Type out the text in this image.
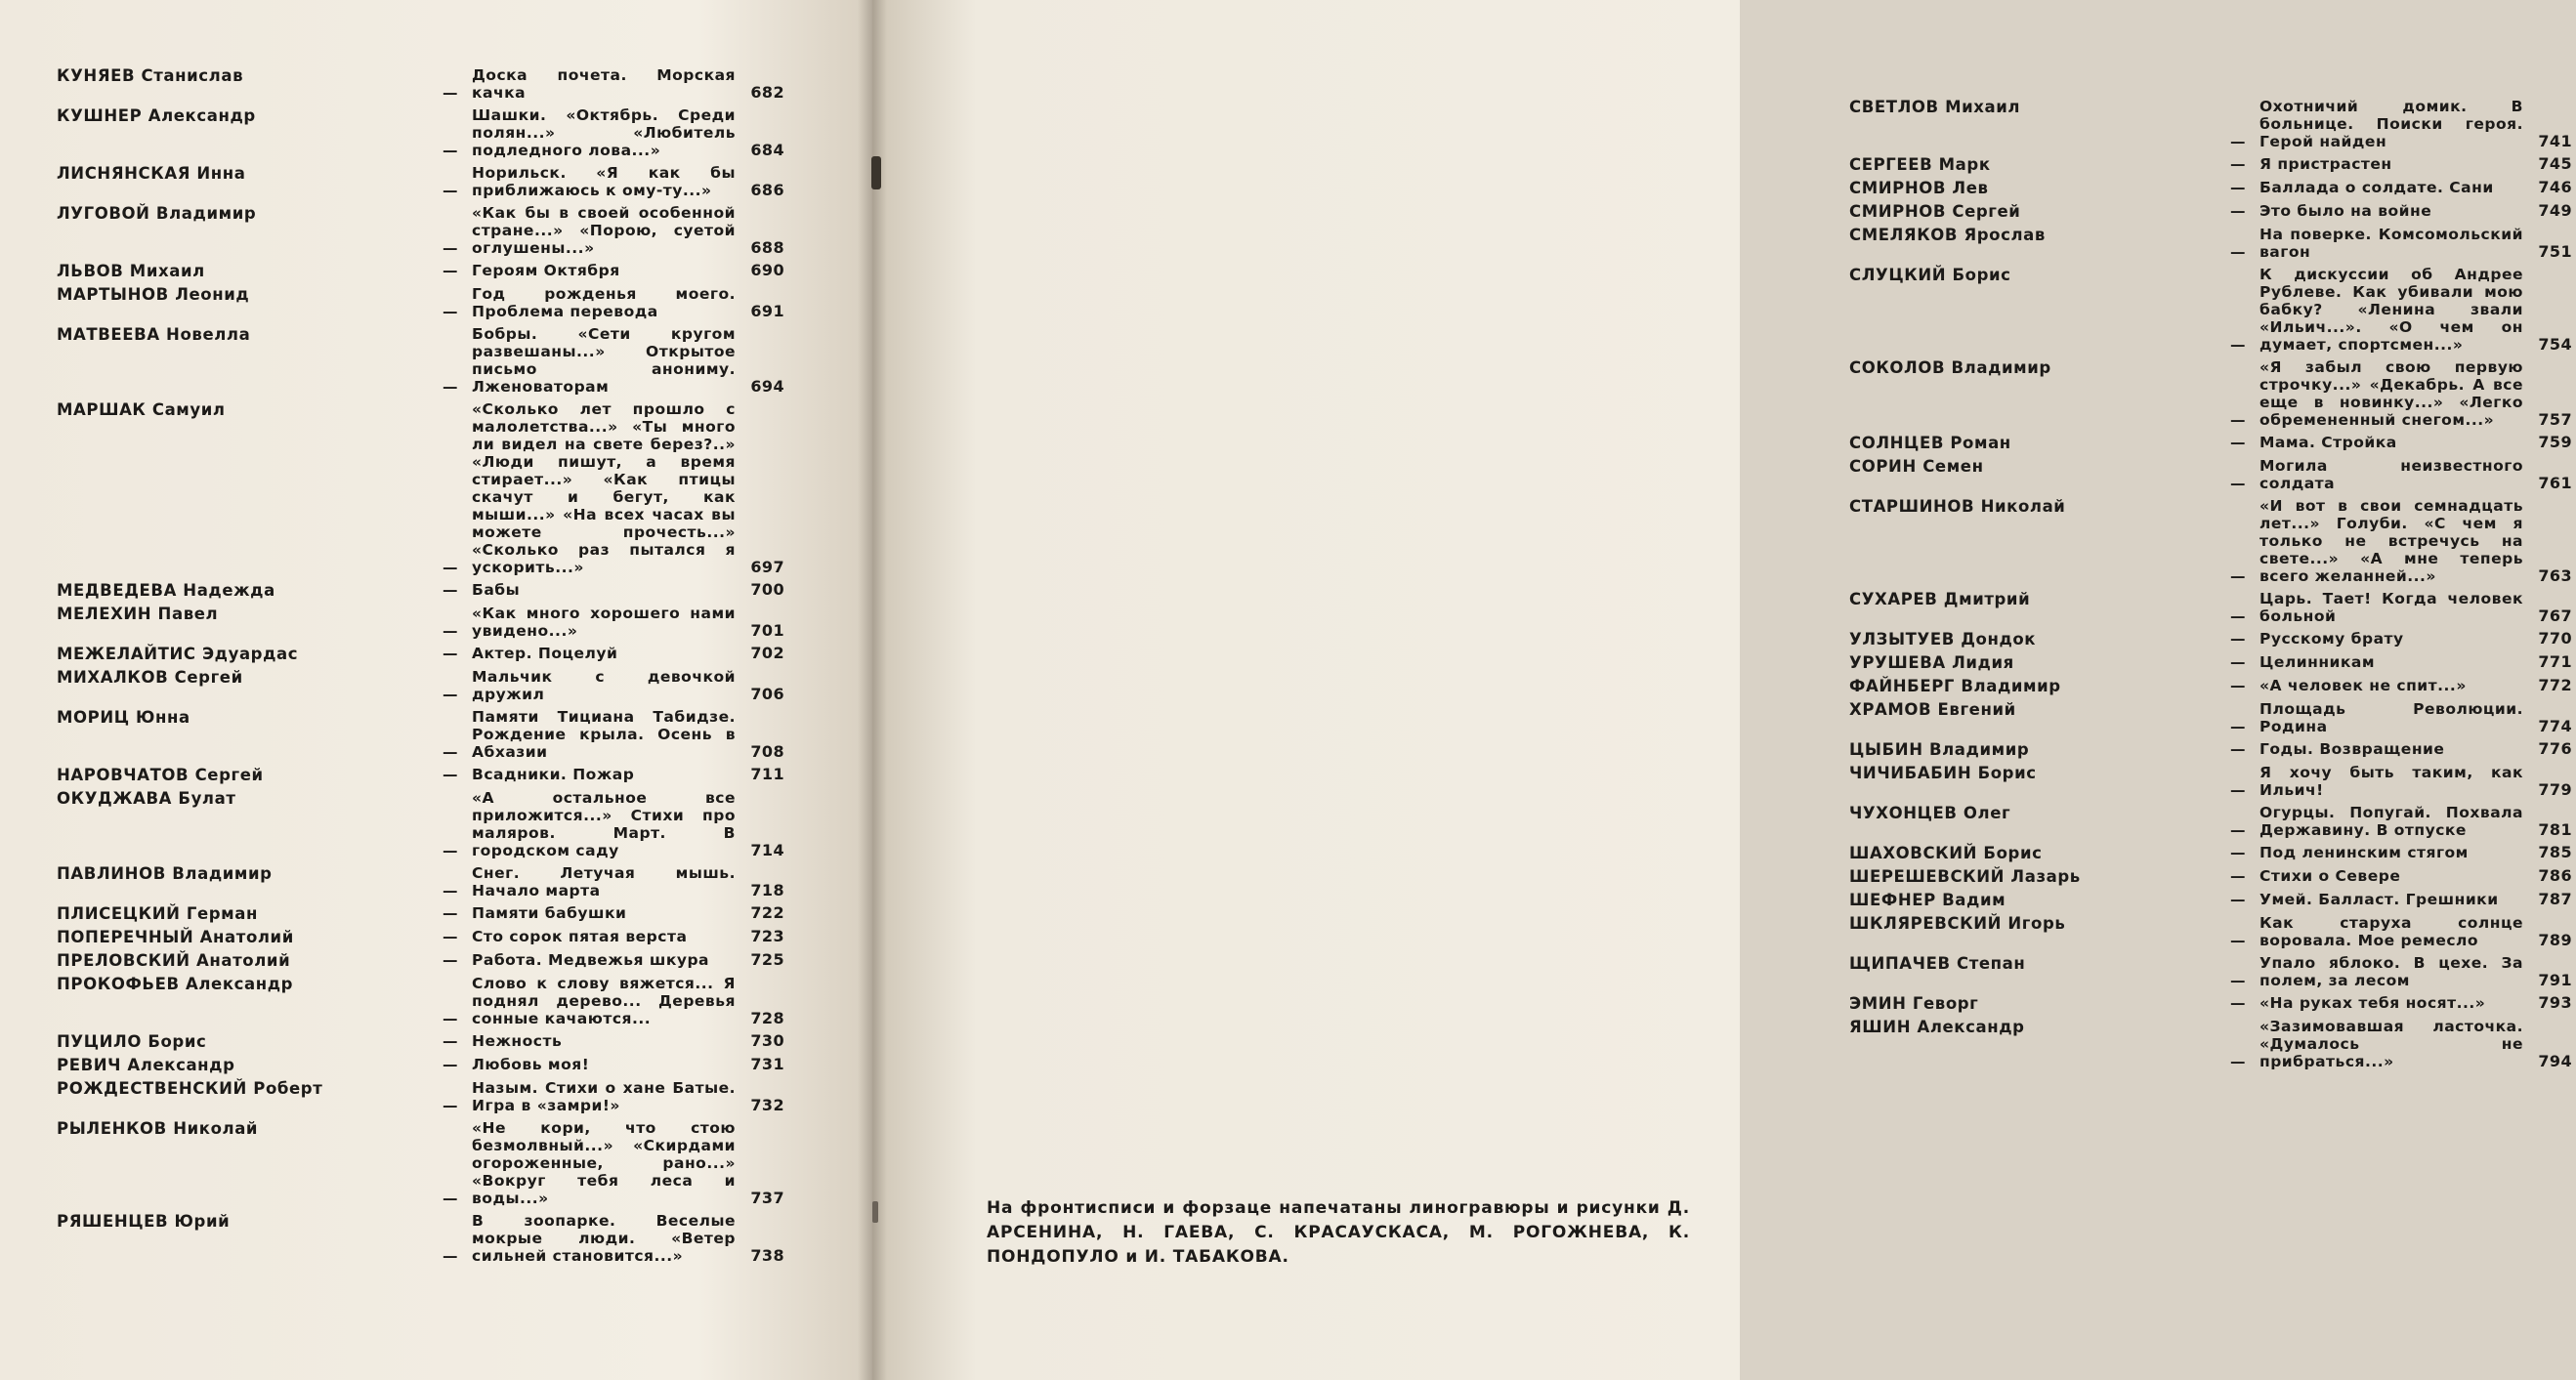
КУНЯЕВ Станислав
—
Доска почета. Морская качка	682
КУШНЕР Александр
—
Шашки. «Октябрь. Среди полян...» «Любитель подледного лова...»	684
ЛИСНЯНСКАЯ Инна
—
Норильск. «Я как бы приближаюсь к ому-ту...»	686
ЛУГОВОЙ Владимир
—
«Как бы в своей особенной стране...» «Порою, суетой оглушены...»	688
ЛЬВОВ Михаил	— Героям Октября	690
МАРТЫНОВ Леонид
—
Год рожденья моего. Проблема перевода	691
МАТВЕЕВА Новелла
—
Бобры. «Сети кругом развешаны...» Открытое письмо анониму. Лженоваторам	694
МАРШАК Самуил
—
«Сколько лет прошло с малолетства...» «Ты много ли видел на свете берез?..» «Люди пишут, а время стирает...» «Как птицы скачут и бегут, как мыши...» «На всех часах вы можете прочесть...» «Сколько раз пытался я ускорить...»	697
МЕДВЕДЕВА Надежда	— Бабы	700
МЕЛЕХИН Павел
—
«Как много хорошего нами увидено...»	701
МЕЖЕЛАЙТИС Эдуардас	— Актер. Поцелуй	702
МИХАЛКОВ Сергей
—
Мальчик с девочкой дружил	706
МОРИЦ Юнна
—
Памяти Тициана Табидзе. Рождение крыла. Осень в Абхазии	708
НАРОВЧАТОВ Сергей	— Всадники. Пожар	711
ОКУДЖАВА Булат
—
«А остальное все приложится...» Стихи про маляров. Март. В городском саду	714
ПАВЛИНОВ Владимир
—
Снег. Летучая мышь. Начало марта	718
ПЛИСЕЦКИЙ Герман	— Памяти бабушки	722
ПОПЕРЕЧНЫЙ Анатолий	— Сто сорок пятая верста	723
ПРЕЛОВСКИЙ Анатолий	— Работа. Медвежья шкура	725
ПРОКОФЬЕВ Александр
—
Слово к слову вяжется... Я поднял дерево... Деревья сонные качаются...	728
ПУЦИЛО Борис	— Нежность	730
РЕВИЧ Александр	— Любовь моя!	731
РОЖДЕСТВЕНСКИЙ Роберт
—
Назым. Стихи о хане Батые. Игра в «замри!»	732
РЫЛЕНКОВ Николай
—
«Не кори, что стою безмолвный...» «Скирдами огороженные, рано...» «Вокруг тебя леса и воды...»	737
РЯШЕНЦЕВ Юрий
—
В зоопарке. Веселые мокрые люди. «Ветер сильней становится...»	738
СВЕТЛОВ Михаил
—
Охотничий домик. В больнице. Поиски героя. Герой найден	741
СЕРГЕЕВ Марк	— Я пристрастен	745
СМИРНОВ Лев	— Баллада о солдате. Сани	746
СМИРНОВ Сергей	— Это было на войне	749
СМЕЛЯКОВ Ярослав
—
На поверке. Комсомольский вагон	751
СЛУЦКИЙ Борис
—
К дискуссии об Андрее Рублеве. Как убивали мою бабку? «Ленина звали «Ильич...». «О чем он думает, спортсмен...»	754
СОКОЛОВ Владимир
—
«Я забыл свою первую строчку...» «Декабрь. А все еще в новинку...» «Легко обремененный снегом...»	757
СОЛНЦЕВ Роман	— Мама. Стройка	759
СОРИН Семен
—
Могила неизвестного солдата	761
СТАРШИНОВ Николай
—
«И вот в свои семнадцать лет...» Голуби. «С чем я только не встречусь на свете...» «А мне теперь всего желанней...»	763
СУХАРЕВ Дмитрий
—
Царь. Тает! Когда человек больной	767
УЛЗЫТУЕВ Дондок	— Русскому брату	770
УРУШЕВА Лидия	— Целинникам	771
ФАЙНБЕРГ Владимир	— «А человек не спит...»	772
ХРАМОВ Евгений
—
Площадь Революции. Родина	774
ЦЫБИН Владимир	— Годы. Возвращение	776
ЧИЧИБАБИН Борис
—
Я хочу быть таким, как Ильич!	779
ЧУХОНЦЕВ Олег
—
Огурцы. Попугай. Похвала Державину. В отпуске	781
ШАХОВСКИЙ Борис	— Под ленинским стягом	785
ШЕРЕШЕВСКИЙ Лазарь	— Стихи о Севере	786
ШЕФНЕР Вадим	— Умей. Балласт. Грешники	787
ШКЛЯРЕВСКИЙ Игорь
—
Как старуха солнце воровала. Мое ремесло	789
ЩИПАЧЕВ Степан
—
Упало яблоко. В цехе. За полем, за лесом	791
ЭМИН Геворг	— «На руках тебя носят...»	793
ЯШИН Александр
—
«Зазимовавшая ласточка. «Думалось не прибраться...»	794
На фронтисписи и форзаце напечатаны линогравюры и рисунки Д. АРСЕНИНА, Н. ГАЕВА, С. КРАСАУСКАСА, М. РОГОЖНЕВА, К. ПОНДОПУЛО и И. ТАБАКОВА.
